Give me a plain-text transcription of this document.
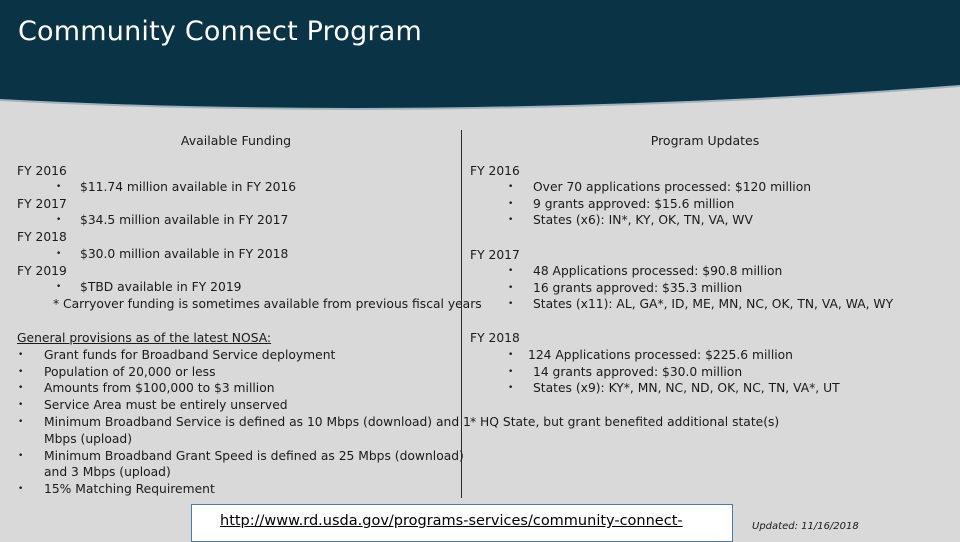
Community Connect Program
Available Funding	Program Updates
FY 2016
• $11.74 million available in FY 2016
FY 2017
• $34.5 million available in FY 2017
FY 2018
• $30.0 million available in FY 2018
FY 2019
• $TBD available in FY 2019
* Carryover funding is sometimes available from previous fiscal years
General provisions as of the latest NOSA:
• Grant funds for Broadband Service deployment
• Population of 20,000 or less
• Amounts from $100,000 to $3 million
• Service Area must be entirely unserved
• Minimum Broadband Service is defined as 10 Mbps (download) and 1
Mbps (upload)
• Minimum Broadband Grant Speed is defined as 25 Mbps (download)
and 3 Mbps (upload)
• 15% Matching Requirement
FY 2016
• Over 70 applications processed: $120 million
• 9 grants approved: $15.6 million
• States (x6): IN*, KY, OK, TN, VA, WV
FY 2017
• 48 Applications processed: $90.8 million
• 16 grants approved: $35.3 million
• States (x11): AL, GA*, ID, ME, MN, NC, OK, TN, VA, WA, WY
FY 2018
• 124 Applications processed: $225.6 million
• 14 grants approved: $30.0 million
• States (x9): KY*, MN, NC, ND, OK, NC, TN, VA*, UT
* HQ State, but grant benefited additional state(s)
http://www.rd.usda.gov/programs-services/community-connect-	Updated: 11/16/2018
